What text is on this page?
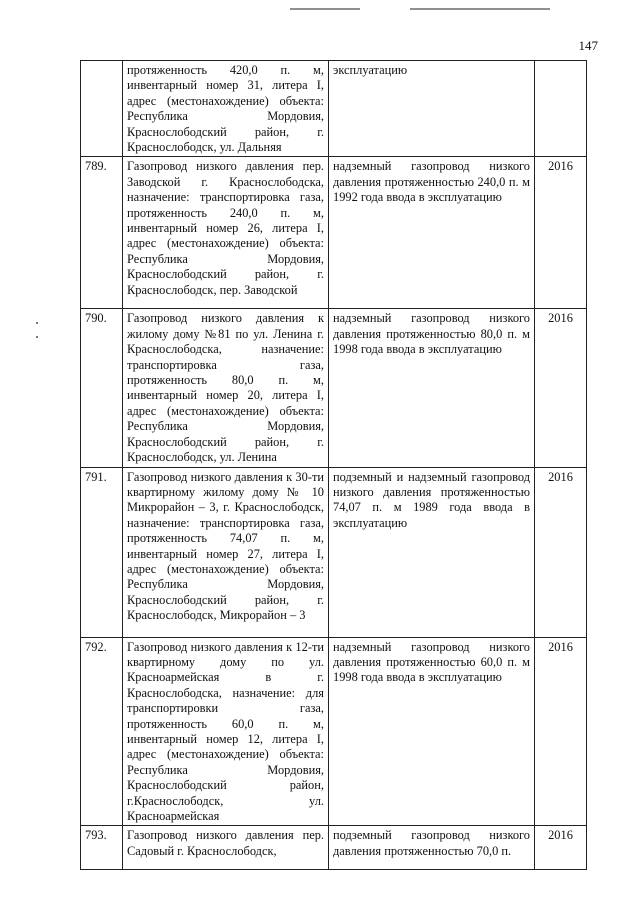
147
	протяженность 420,0 п. м, инвентарный номер 31, литера I, адрес (местонахождение) объекта: Республика Мордовия, Краснослободский район, г. Краснослободск, ул. Дальняя	эксплуатацию	
789.	Газопровод низкого давления пер. Заводской г. Краснослободска, назначение: транспортировка газа, протяженность 240,0 п. м, инвентарный номер 26, литера I, адрес (местонахождение) объекта: Республика Мордовия, Краснослободский район, г. Краснослободск, пер. Заводской	надземный газопровод низкого давления протяженностью 240,0 п. м 1992 года ввода в эксплуатацию	2016
790.	Газопровод низкого давления к жилому дому №81 по ул. Ленина г. Краснослободска, назначение: транспортировка газа, протяженность 80,0 п. м, инвентарный номер 20, литера I, адрес (местонахождение) объекта: Республика Мордовия, Краснослободский район, г. Краснослободск, ул. Ленина	надземный газопровод низкого давления протяженностью 80,0 п. м 1998 года ввода в эксплуатацию	2016
791.	Газопровод низкого давления к 30-ти квартирному жилому дому № 10 Микрорайон – 3, г. Краснослободск, назначение: транспортировка газа, протяженность 74,07 п. м, инвентарный номер 27, литера I, адрес (местонахождение) объекта: Республика Мордовия, Краснослободский район, г. Краснослободск, Микрорайон – 3	подземный и надземный газопровод низкого давления протяженностью 74,07 п. м 1989 года ввода в эксплуатацию	2016
792.	Газопровод низкого давления к 12-ти квартирному дому по ул. Красноармейская в г. Краснослободска, назначение: для транспортировки газа, протяженность 60,0 п. м, инвентарный номер 12, литера I, адрес (местонахождение) объекта: Республика Мордовия, Краснослободский район, г.Краснослободск, ул. Красноармейская	надземный газопровод низкого давления протяженностью 60,0 п. м 1998 года ввода в эксплуатацию	2016
793.	Газопровод низкого давления пер. Садовый г. Краснослободск,	подземный газопровод низкого давления протяженностью 70,0 п.	2016
